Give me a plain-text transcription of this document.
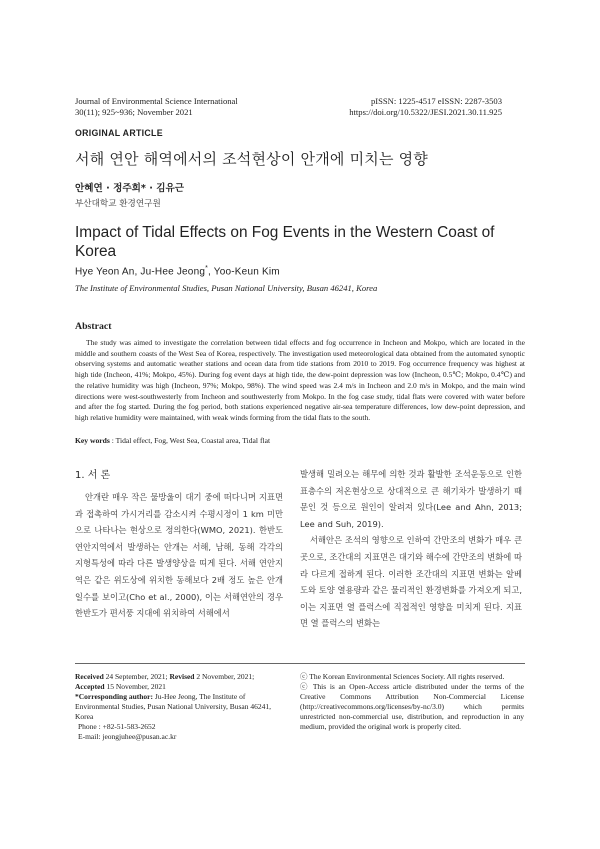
Journal of Environmental Science International
30(11); 925~936; November 2021
pISSN: 1225-4517 eISSN: 2287-3503
https://doi.org/10.5322/JESI.2021.30.11.925
ORIGINAL ARTICLE
서해 연안 해역에서의 조석현상이 안개에 미치는 영향
안혜연 · 정주희* · 김유근
부산대학교 환경연구원
Impact of Tidal Effects on Fog Events in the Western Coast of Korea
Hye Yeon An, Ju-Hee Jeong*, Yoo-Keun Kim
The Institute of Environmental Studies, Pusan National University, Busan 46241, Korea
Abstract
The study was aimed to investigate the correlation between tidal effects and fog occurrence in Incheon and Mokpo, which are located in the middle and southern coasts of the West Sea of Korea, respectively. The investigation used meteorological data obtained from the automated synoptic observing systems and automatic weather stations and ocean data from tide stations from 2010 to 2019. Fog occurrence frequency was highest at high tide (Incheon, 41%; Mokpo, 45%). During fog event days at high tide, the dew-point depression was low (Incheon, 0.5℃; Mokpo, 0.4℃) and the relative humidity was high (Incheon, 97%; Mokpo, 98%). The wind speed was 2.4 m/s in Incheon and 2.0 m/s in Mokpo, and the main wind directions were west-southwesterly from Incheon and southwesterly from Mokpo. In the fog case study, tidal flats were covered with water before and after the fog started. During the fog period, both stations experienced negative air-sea temperature differences, low dew-point depression, and high relative humidity were maintained, with weak winds forming from the tidal flats to the south.
Key words : Tidal effect, Fog, West Sea, Coastal area, Tidal flat
1. 서 론
안개란 매우 작은 물방울이 대기 중에 떠다니며 지표면과 접촉하여 가시거리를 감소시켜 수평시정이 1 km 미만으로 나타나는 현상으로 정의한다(WMO, 2021). 한반도 연안지역에서 발생하는 안개는 서해, 남해, 동해 각각의 지형특성에 따라 다른 발생양상을 띠게 된다. 서해 연안지역은 같은 위도상에 위치한 동해보다 2배 정도 높은 안개 일수를 보이고(Cho et al., 2000), 이는 서해연안의 경우 한반도가 편서풍 지대에 위치하여 서해에서

발생해 밀려오는 해무에 의한 것과 활발한 조석운동으로 인한 표층수의 저온현상으로 상대적으로 큰 해기차가 발생하기 때문인 것 등으로 원인이 알려져 있다(Lee and Ahn, 2013; Lee and Suh, 2019).

서해안은 조석의 영향으로 인하여 간만조의 변화가 매우 큰 곳으로, 조간대의 지표면은 대기와 해수에 간만조의 변화에 따라 다르게 접하게 된다. 이러한 조간대의 지표면 변화는 알베도와 토양 열용량과 같은 물리적인 환경변화를 가져오게 되고, 이는 지표면 열 플럭스에 직접적인 영향을 미치게 된다. 지표면 열 플럭스의 변화는

Received 24 September, 2021; Revised 2 November, 2021;
Accepted 15 November, 2021
*Corresponding author: Ju-Hee Jeong, The Institute of Environmental Studies, Pusan National University, Busan 46241, Korea
Phone : +82-51-583-2652
E-mail: jeongjuhee@pusan.ac.kr
ⓒ The Korean Environmental Sciences Society. All rights reserved.
ⓒ This is an Open-Access article distributed under the terms of the Creative Commons Attribution Non-Commercial License (http://creativecommons.org/licenses/by-nc/3.0) which permits unrestricted non-commercial use, distribution, and reproduction in any medium, provided the original work is properly cited.
